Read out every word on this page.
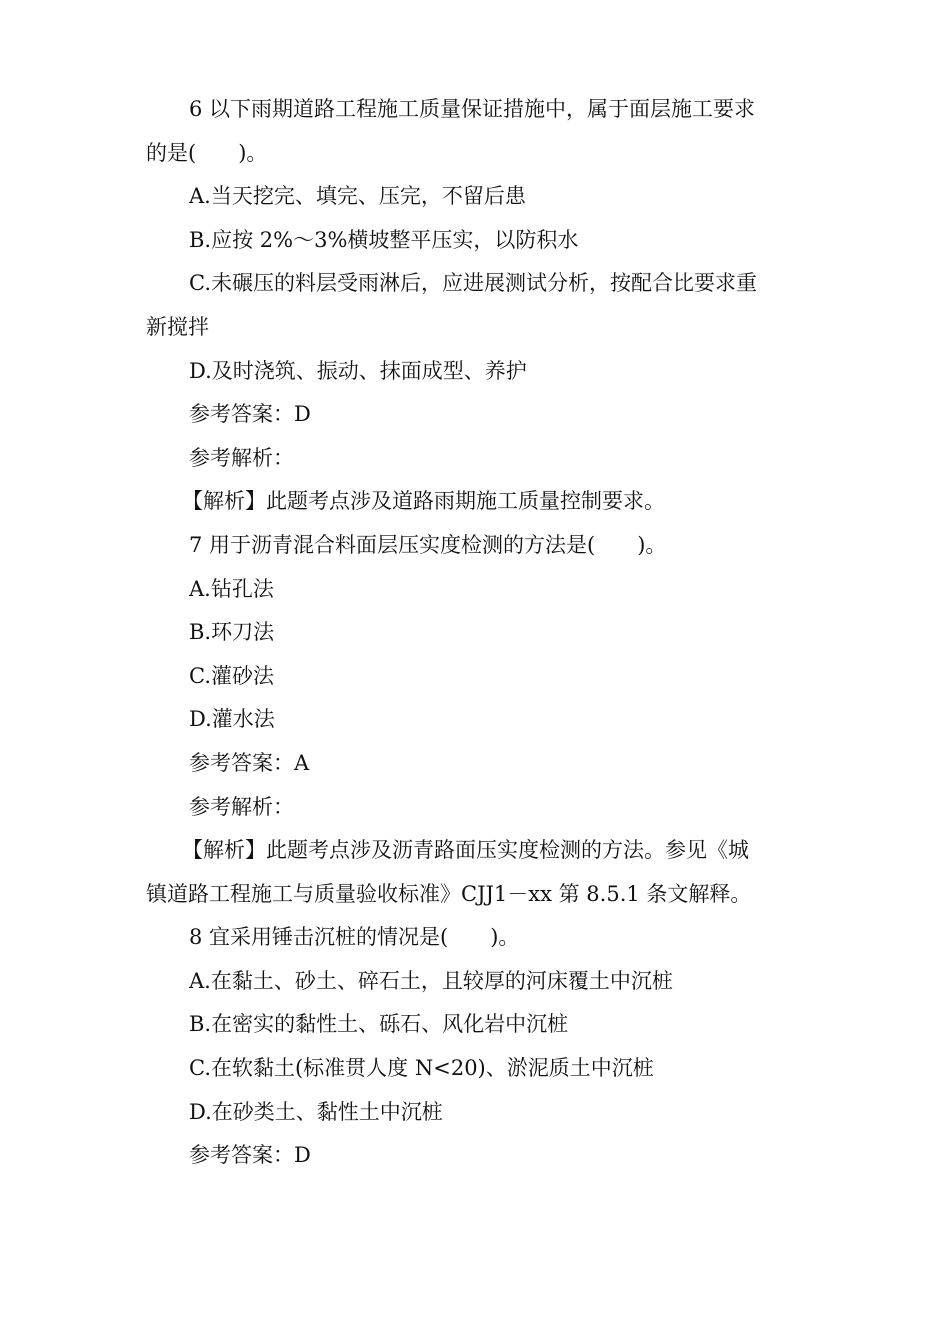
6 以下雨期道路工程施工质量保证措施中，属于面层施工要求
的是(　　)。
A.当天挖完、填完、压完，不留后患
B.应按 2%～3%横坡整平压实，以防积水
C.未碾压的料层受雨淋后，应进展测试分析，按配合比要求重
新搅拌
D.及时浇筑、振动、抹面成型、养护
参考答案：D
参考解析：
【解析】此题考点涉及道路雨期施工质量控制要求。
7 用于沥青混合料面层压实度检测的方法是(　　)。
A.钻孔法
B.环刀法
C.灌砂法
D.灌水法
参考答案：A
参考解析：
【解析】此题考点涉及沥青路面压实度检测的方法。参见《城
镇道路工程施工与质量验收标准》CJJ1－xx 第 8.5.1 条文解释。
8 宜采用锤击沉桩的情况是(　　)。
A.在黏土、砂土、碎石土，且较厚的河床覆土中沉桩
B.在密实的黏性土、砾石、风化岩中沉桩
C.在软黏土(标准贯人度 N<20)、淤泥质土中沉桩
D.在砂类土、黏性土中沉桩
参考答案：D
